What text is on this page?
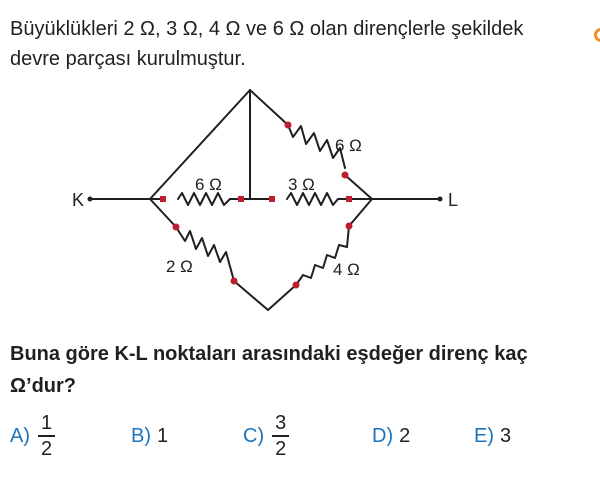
Büyüklükleri 2 Ω, 3 Ω, 4 Ω ve 6 Ω olan dirençlerle şekildek
devre parçası kurulmuştur.
K	L
6 Ω	3 Ω
6 Ω
2 Ω	4 Ω
Buna göre K-L noktaları arasındaki eşdeğer direnç kaç
Ω’dur?
$A) \frac{1}{2}$	B) 1	$C) \frac{3}{2}$	D) 2	E) 3
